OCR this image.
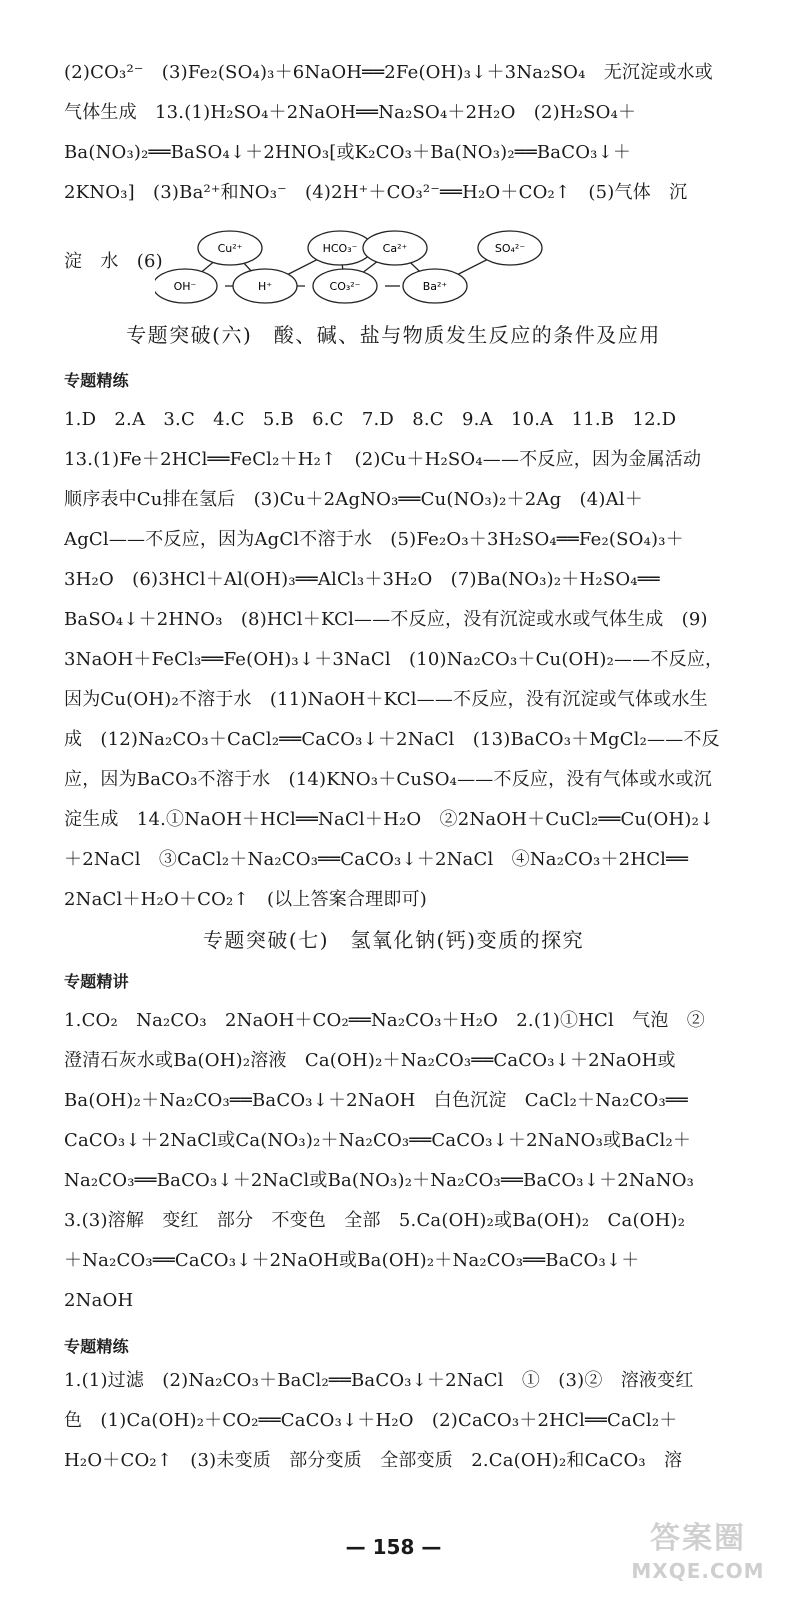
(2)CO₃²⁻　(3)Fe₂(SO₄)₃＋6NaOH══2Fe(OH)₃↓＋3Na₂SO₄　无沉淀或水或
气体生成　13.(1)H₂SO₄＋2NaOH══Na₂SO₄＋2H₂O　(2)H₂SO₄＋
Ba(NO₃)₂══BaSO₄↓＋2HNO₃[或K₂CO₃＋Ba(NO₃)₂══BaCO₃↓＋
2KNO₃]　(3)Ba²⁺和NO₃⁻　(4)2H⁺＋CO₃²⁻══H₂O＋CO₂↑　(5)气体　沉
淀　水　(6)
专题突破(六)　酸、碱、盐与物质发生反应的条件及应用
专题精练
1.D　2.A　3.C　4.C　5.B　6.C　7.D　8.C　9.A　10.A　11.B　12.D
13.(1)Fe＋2HCl══FeCl₂＋H₂↑　(2)Cu＋H₂SO₄——不反应，因为金属活动
顺序表中Cu排在氢后　(3)Cu＋2AgNO₃══Cu(NO₃)₂＋2Ag　(4)Al＋
AgCl——不反应，因为AgCl不溶于水　(5)Fe₂O₃＋3H₂SO₄══Fe₂(SO₄)₃＋
3H₂O　(6)3HCl＋Al(OH)₃══AlCl₃＋3H₂O　(7)Ba(NO₃)₂＋H₂SO₄══
BaSO₄↓＋2HNO₃　(8)HCl＋KCl——不反应，没有沉淀或水或气体生成　(9)
3NaOH＋FeCl₃══Fe(OH)₃↓＋3NaCl　(10)Na₂CO₃＋Cu(OH)₂——不反应，
因为Cu(OH)₂不溶于水　(11)NaOH＋KCl——不反应，没有沉淀或气体或水生
成　(12)Na₂CO₃＋CaCl₂══CaCO₃↓＋2NaCl　(13)BaCO₃＋MgCl₂——不反
应，因为BaCO₃不溶于水　(14)KNO₃＋CuSO₄——不反应，没有气体或水或沉
淀生成　14.①NaOH＋HCl══NaCl＋H₂O　②2NaOH＋CuCl₂══Cu(OH)₂↓
＋2NaCl　③CaCl₂＋Na₂CO₃══CaCO₃↓＋2NaCl　④Na₂CO₃＋2HCl══
2NaCl＋H₂O＋CO₂↑　(以上答案合理即可)
专题突破(七)　氢氧化钠(钙)变质的探究
专题精讲
1.CO₂　Na₂CO₃　2NaOH＋CO₂══Na₂CO₃＋H₂O　2.(1)①HCl　气泡　②
澄清石灰水或Ba(OH)₂溶液　Ca(OH)₂＋Na₂CO₃══CaCO₃↓＋2NaOH或
Ba(OH)₂＋Na₂CO₃══BaCO₃↓＋2NaOH　白色沉淀　CaCl₂＋Na₂CO₃══
CaCO₃↓＋2NaCl或Ca(NO₃)₂＋Na₂CO₃══CaCO₃↓＋2NaNO₃或BaCl₂＋
Na₂CO₃══BaCO₃↓＋2NaCl或Ba(NO₃)₂＋Na₂CO₃══BaCO₃↓＋2NaNO₃
3.(3)溶解　变红　部分　不变色　全部　5.Ca(OH)₂或Ba(OH)₂　Ca(OH)₂
＋Na₂CO₃══CaCO₃↓＋2NaOH或Ba(OH)₂＋Na₂CO₃══BaCO₃↓＋
2NaOH
专题精练
1.(1)过滤　(2)Na₂CO₃＋BaCl₂══BaCO₃↓＋2NaCl　①　(3)②　溶液变红
色　(1)Ca(OH)₂＋CO₂══CaCO₃↓＋H₂O　(2)CaCO₃＋2HCl══CaCl₂＋
H₂O＋CO₂↑　(3)未变质　部分变质　全部变质　2.Ca(OH)₂和CaCO₃　溶
OH⁻	H⁺	CO₃²⁻	Ba²⁺
Cu²⁺	HCO₃⁻ Ca²⁺	SO₄²⁻
— 158 —	答案圈
MXQE.COM
